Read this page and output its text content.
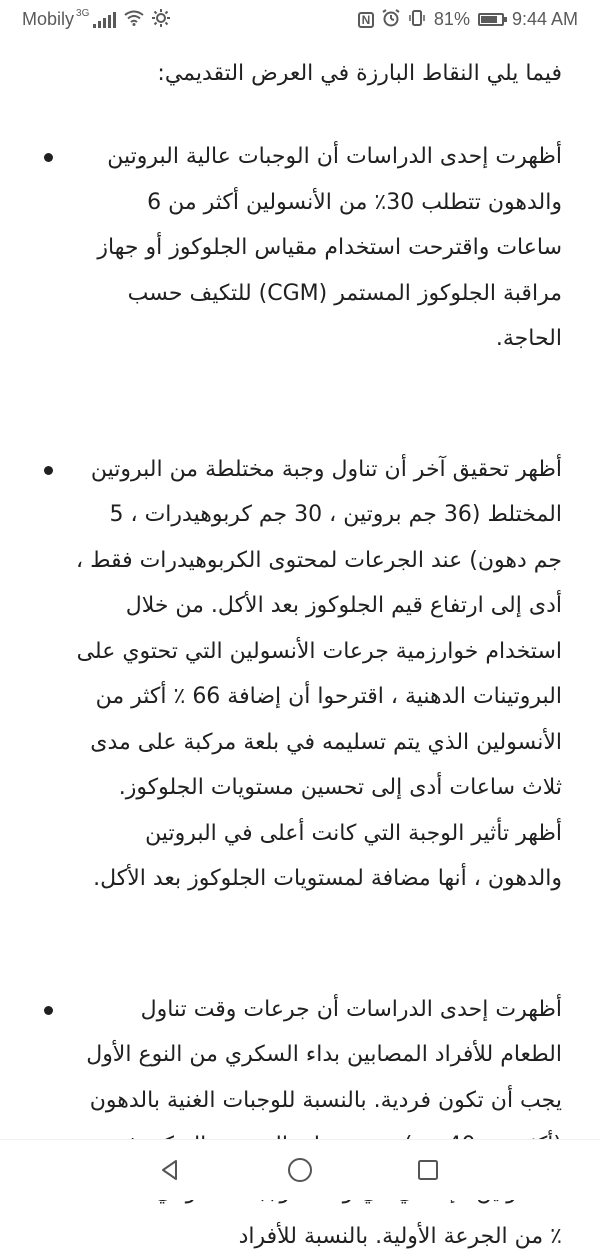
Mobily 3G	N	81% 9:44 AM

فيما يلي النقاط البارزة في العرض التقديمي:

أظهرت إحدى الدراسات أن الوجبات عالية البروتين والدهون تتطلب 30٪ من الأنسولين أكثر من 6 ساعات واقترحت استخدام مقياس الجلوكوز أو جهاز مراقبة الجلوكوز المستمر (CGM) للتكيف حسب الحاجة.
أظهر تحقيق آخر أن تناول وجبة مختلطة من البروتين المختلط (36 جم بروتين ، 30 جم كربوهيدرات ، 5 جم دهون) عند الجرعات لمحتوى الكربوهيدرات فقط ، أدى إلى ارتفاع قيم الجلوكوز بعد الأكل. من خلال استخدام خوارزمية جرعات الأنسولين التي تحتوي على البروتينات الدهنية ، اقترحوا أن إضافة 66 ٪ أكثر من الأنسولين الذي يتم تسليمه في بلعة مركبة على مدى ثلاث ساعات أدى إلى تحسين مستويات الجلوكوز. أظهر تأثير الوجبة التي كانت أعلى في البروتين والدهون ، أنها مضافة لمستويات الجلوكوز بعد الأكل.
أظهرت إحدى الدراسات أن جرعات وقت تناول الطعام للأفراد المصابين بداء السكري من النوع الأول يجب أن تكون فردية. بالنسبة للوجبات الغنية بالدهون ٪ من الجرعة الأولية. بالنسبة للأفراد
